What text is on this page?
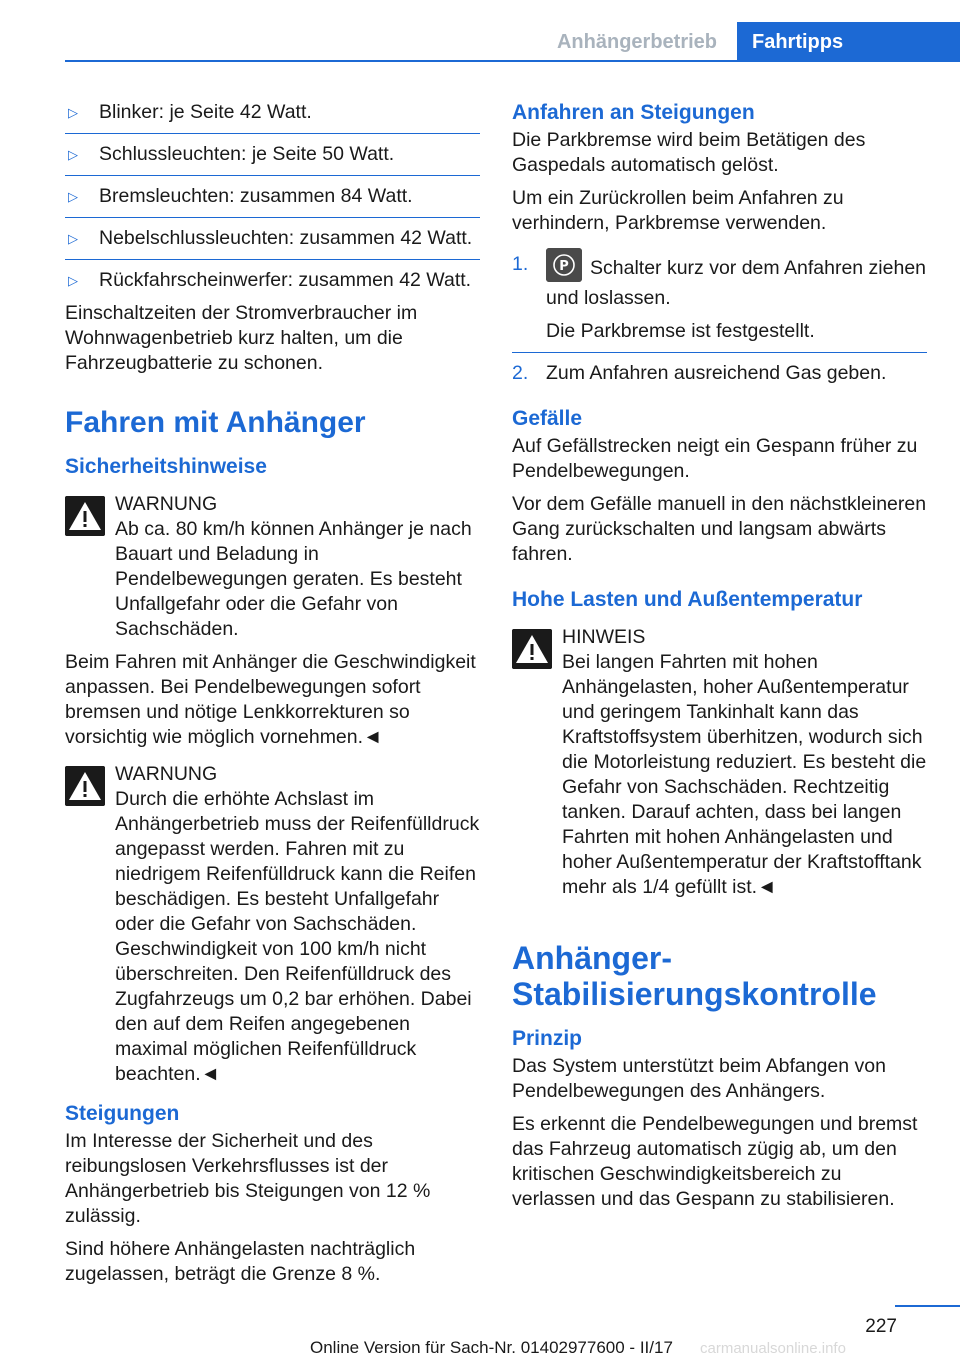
Anhängerbetrieb	Fahrtipps
▷ Blinker: je Seite 42 Watt.
▷ Schlussleuchten: je Seite 50 Watt.
▷ Bremsleuchten: zusammen 84 Watt.
▷ Nebelschlussleuchten: zusammen 42 Watt.
▷ Rückfahrscheinwerfer: zusammen 42 Watt.

Einschaltzeiten der Stromverbraucher im Wohnwagenbetrieb kurz halten, um die Fahrzeugbatterie zu schonen.

Fahren mit Anhänger
Sicherheitshinweise
WARNUNG

Ab ca. 80 km/h können Anhänger je nach Bauart und Beladung in Pendelbewegungen geraten. Es besteht Unfallgefahr oder die Gefahr von Sachschäden.

Beim Fahren mit Anhänger die Geschwindigkeit anpassen. Bei Pendelbewegungen sofort bremsen und nötige Lenkkorrekturen so vorsichtig wie möglich vornehmen.◄

WARNUNG

Durch die erhöhte Achslast im Anhängerbetrieb muss der Reifenfülldruck angepasst werden. Fahren mit zu niedrigem Reifenfülldruck kann die Reifen beschädigen. Es besteht Unfallgefahr oder die Gefahr von Sachschäden. Geschwindigkeit von 100 km/h nicht überschreiten. Den Reifenfülldruck des Zugfahrzeugs um 0,2 bar erhöhen. Dabei den auf dem Reifen angegebenen maximal möglichen Reifenfülldruck beachten.◄

Steigungen

Im Interesse der Sicherheit und des reibungslosen Verkehrsflusses ist der Anhängerbetrieb bis Steigungen von 12 % zulässig.

Sind höhere Anhängelasten nachträglich zugelassen, beträgt die Grenze 8 %.

Anfahren an Steigungen

Die Parkbremse wird beim Betätigen des Gaspedals automatisch gelöst.

Um ein Zurückrollen beim Anfahren zu verhindern, Parkbremse verwenden.

1. P Schalter kurz vor dem Anfahren ziehen und loslassen.

Die Parkbremse ist festgestellt.

2. Zum Anfahren ausreichend Gas geben.
Gefälle

Auf Gefällstrecken neigt ein Gespann früher zu Pendelbewegungen.

Vor dem Gefälle manuell in den nächstkleineren Gang zurückschalten und langsam abwärts fahren.

Hohe Lasten und Außentemperatur
HINWEIS

Bei langen Fahrten mit hohen Anhängelasten, hoher Außentemperatur und geringem Tankinhalt kann das Kraftstoffsystem überhitzen, wodurch sich die Motorleistung reduziert. Es besteht die Gefahr von Sachschäden. Rechtzeitig tanken. Darauf achten, dass bei langen Fahrten mit hohen Anhängelasten und hoher Außentemperatur der Kraftstofftank mehr als 1/4 gefüllt ist.◄

Anhänger-Stabilisierungskontrolle
Prinzip

Das System unterstützt beim Abfangen von Pendelbewegungen des Anhängers.

Es erkennt die Pendelbewegungen und bremst das Fahrzeug automatisch zügig ab, um den kritischen Geschwindigkeitsbereich zu verlassen und das Gespann zu stabilisieren.

227
Online Version für Sach-Nr. 01402977600 - II/17 carmanualsonline.info
